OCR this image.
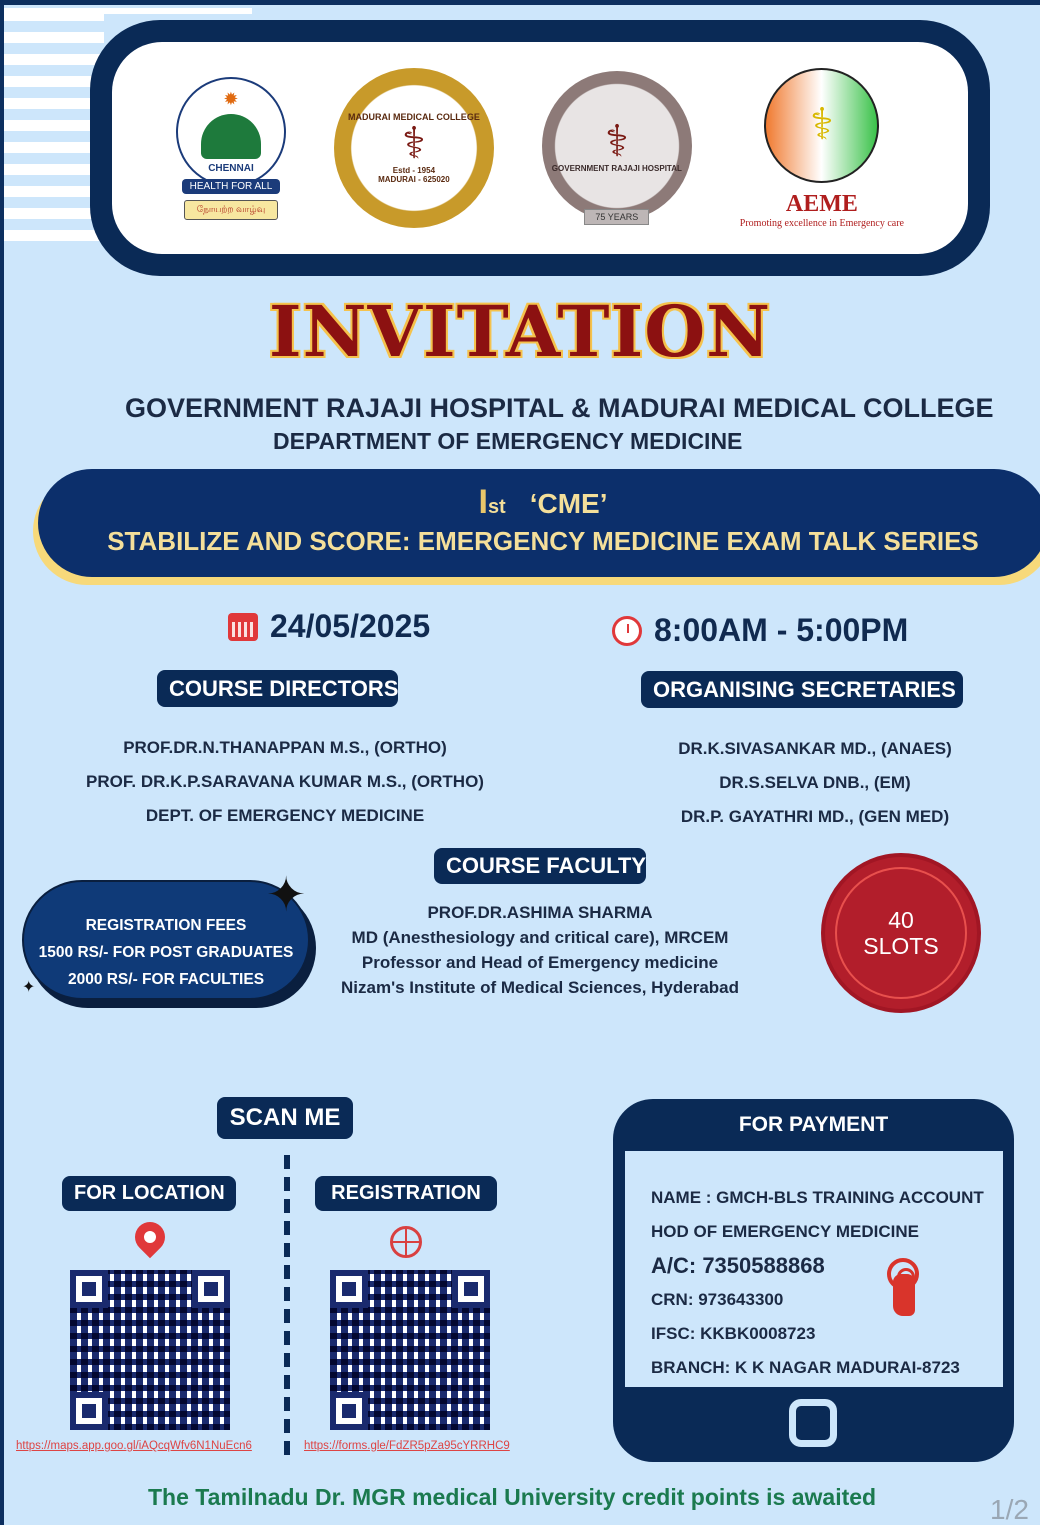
✹
CHENNAI
HEALTH FOR ALL
நோயற்ற வாழ்வு
MADURAI MEDICAL COLLEGE
⚕
Estd - 1954
MADURAI - 625020
⚕
GOVERNMENT RAJAJI HOSPITAL
75 YEARS
⚕
AEME
Promoting excellence in Emergency care
INVITATION
GOVERNMENT RAJAJI HOSPITAL & MADURAI MEDICAL COLLEGE
DEPARTMENT OF EMERGENCY MEDICINE
Ɩst ‘CME’
STABILIZE AND SCORE: EMERGENCY MEDICINE EXAM TALK SERIES
24/05/2025	8:00AM - 5:00PM
COURSE DIRECTORS
PROF.DR.N.THANAPPAN M.S., (ORTHO)
PROF. DR.K.P.SARAVANA KUMAR M.S., (ORTHO)
DEPT. OF EMERGENCY MEDICINE
ORGANISING SECRETARIES
DR.K.SIVASANKAR MD., (ANAES)
DR.S.SELVA DNB., (EM)
DR.P. GAYATHRI MD., (GEN MED)
COURSE FACULTY
PROF.DR.ASHIMA SHARMA
MD (Anesthesiology and critical care), MRCEM
Professor and Head of Emergency medicine
Nizam's Institute of Medical Sciences, Hyderabad
REGISTRATION FEES
1500 RS/- FOR POST GRADUATES
2000 RS/- FOR FACULTIES
✦
✦
40
SLOTS
SCAN ME
FOR LOCATION	REGISTRATION
https://maps.app.goo.gl/iAQcqWfv6N1NuEcn6	https://forms.gle/FdZR5pZa95cYRRHC9
FOR PAYMENT
NAME : GMCH-BLS TRAINING ACCOUNT
HOD OF EMERGENCY MEDICINE
A/C: 7350588868
CRN: 973643300
IFSC: KKBK0008723
BRANCH: K K NAGAR MADURAI-8723
The Tamilnadu Dr. MGR medical University credit points is awaited	1/2
